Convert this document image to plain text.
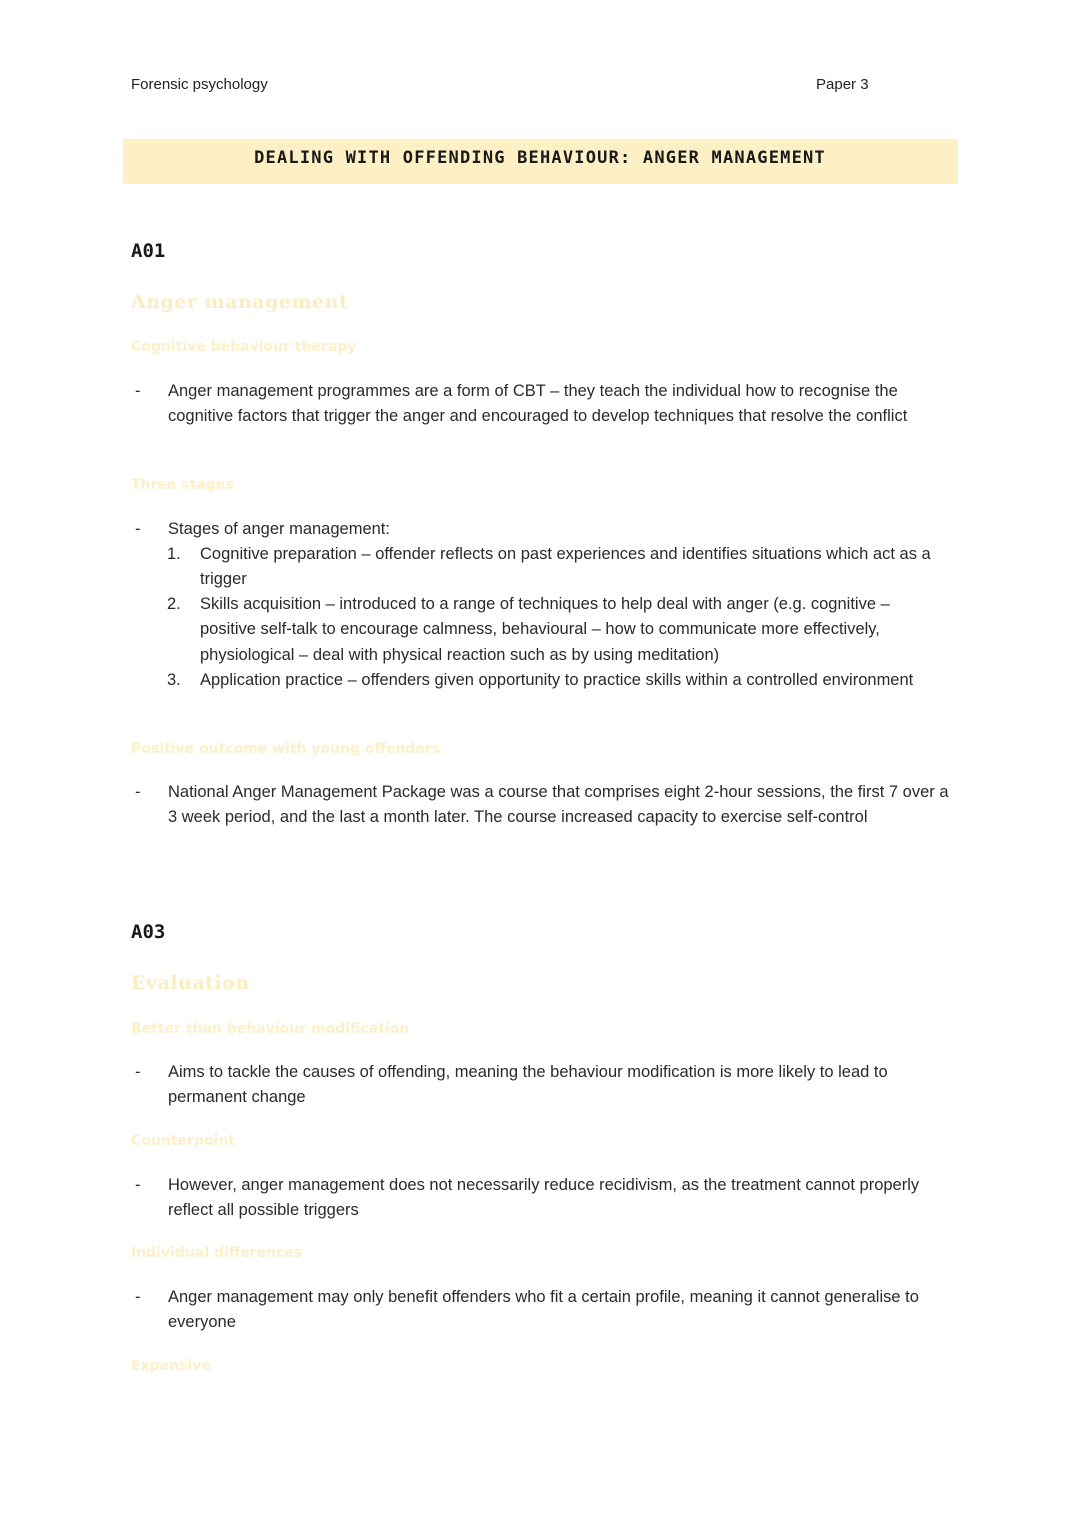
Forensic psychology	Paper 3
DEALING WITH OFFENDING BEHAVIOUR: ANGER MANAGEMENT
A01
Anger management
Cognitive behaviour therapy
- Anger management programmes are a form of CBT – they teach the individual how to recognise the cognitive factors that trigger the anger and encouraged to develop techniques that resolve the conflict
Three stages
- Stages of anger management:
1. Cognitive preparation – offender reflects on past experiences and identifies situations which act as a trigger
2. Skills acquisition – introduced to a range of techniques to help deal with anger (e.g. cognitive – positive self-talk to encourage calmness, behavioural – how to communicate more effectively, physiological – deal with physical reaction such as by using meditation)
3. Application practice – offenders given opportunity to practice skills within a controlled environment
Positive outcome with young offenders
- National Anger Management Package was a course that comprises eight 2-hour sessions, the first 7 over a 3 week period, and the last a month later. The course increased capacity to exercise self-control
A03
Evaluation
Better than behaviour modification
- Aims to tackle the causes of offending, meaning the behaviour modification is more likely to lead to permanent change
Counterpoint
- However, anger management does not necessarily reduce recidivism, as the treatment cannot properly reflect all possible triggers
Individual differences
- Anger management may only benefit offenders who fit a certain profile, meaning it cannot generalise to everyone
Expensive
